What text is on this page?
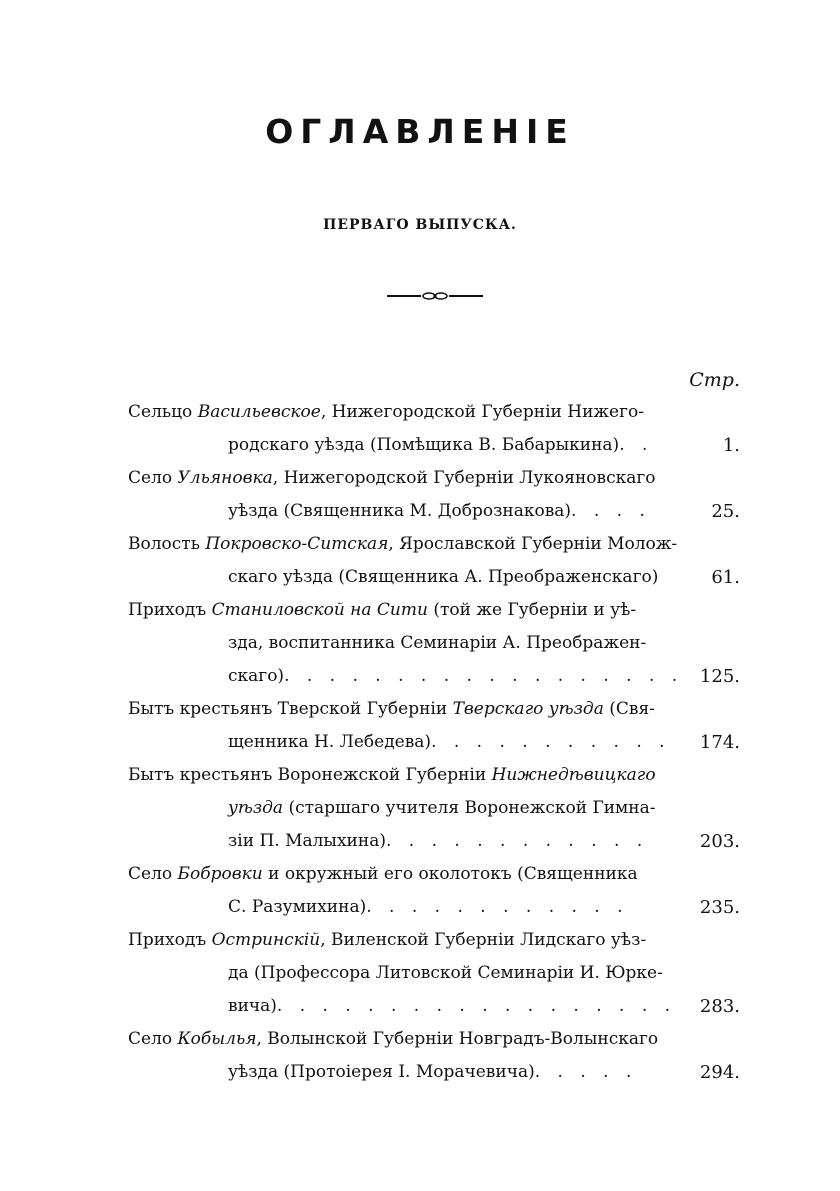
ОГЛАВЛЕНІЕ
ПЕРВАГО ВЫПУСКА.
Стр.
Сельцо Васильевское, Нижегородской Губерніи Нижего-
родскаго уѣзда (Помѣщика В. Бабарыкина). .	1.
Село Ульяновка, Нижегородской Губерніи Лукояновскаго
уѣзда (Священника М. Добрознакова). . . .	25.
Волость Покровско-Ситская, Ярославской Губерніи Молож-
скаго уѣзда (Священника А. Преображенскаго)	61.
Приходъ Станиловской на Сити (той же Губерніи и уѣ-
зда, воспитанника Семинаріи А. Преображен-
скаго). . . . . . . . . . . . . . . . . . 125.
Бытъ крестьянъ Тверской Губерніи Тверскаго уѣзда (Свя-
щенника Н. Лебедева). . . . . . . . . . . 174.
Бытъ крестьянъ Воронежской Губерніи Нижнедѣвицкаго
уѣзда (старшаго учителя Воронежской Гимна-
зіи П. Малыхина). . . . . . . . . . . .	203.
Село Бобровки и окружный его околотокъ (Священника
С. Разумихина). . . . . . . . . . . .	235.
Приходъ Остринскій, Виленской Губерніи Лидскаго уѣз-
да (Профессора Литовской Семинаріи И. Юрке-
вича). . . . . . . . . . . . . . . . . . 283.
Село Кобылья, Волынской Губерніи Новградъ-Волынскаго
уѣзда (Протоіерея І. Морачевича). . . . .	294.
